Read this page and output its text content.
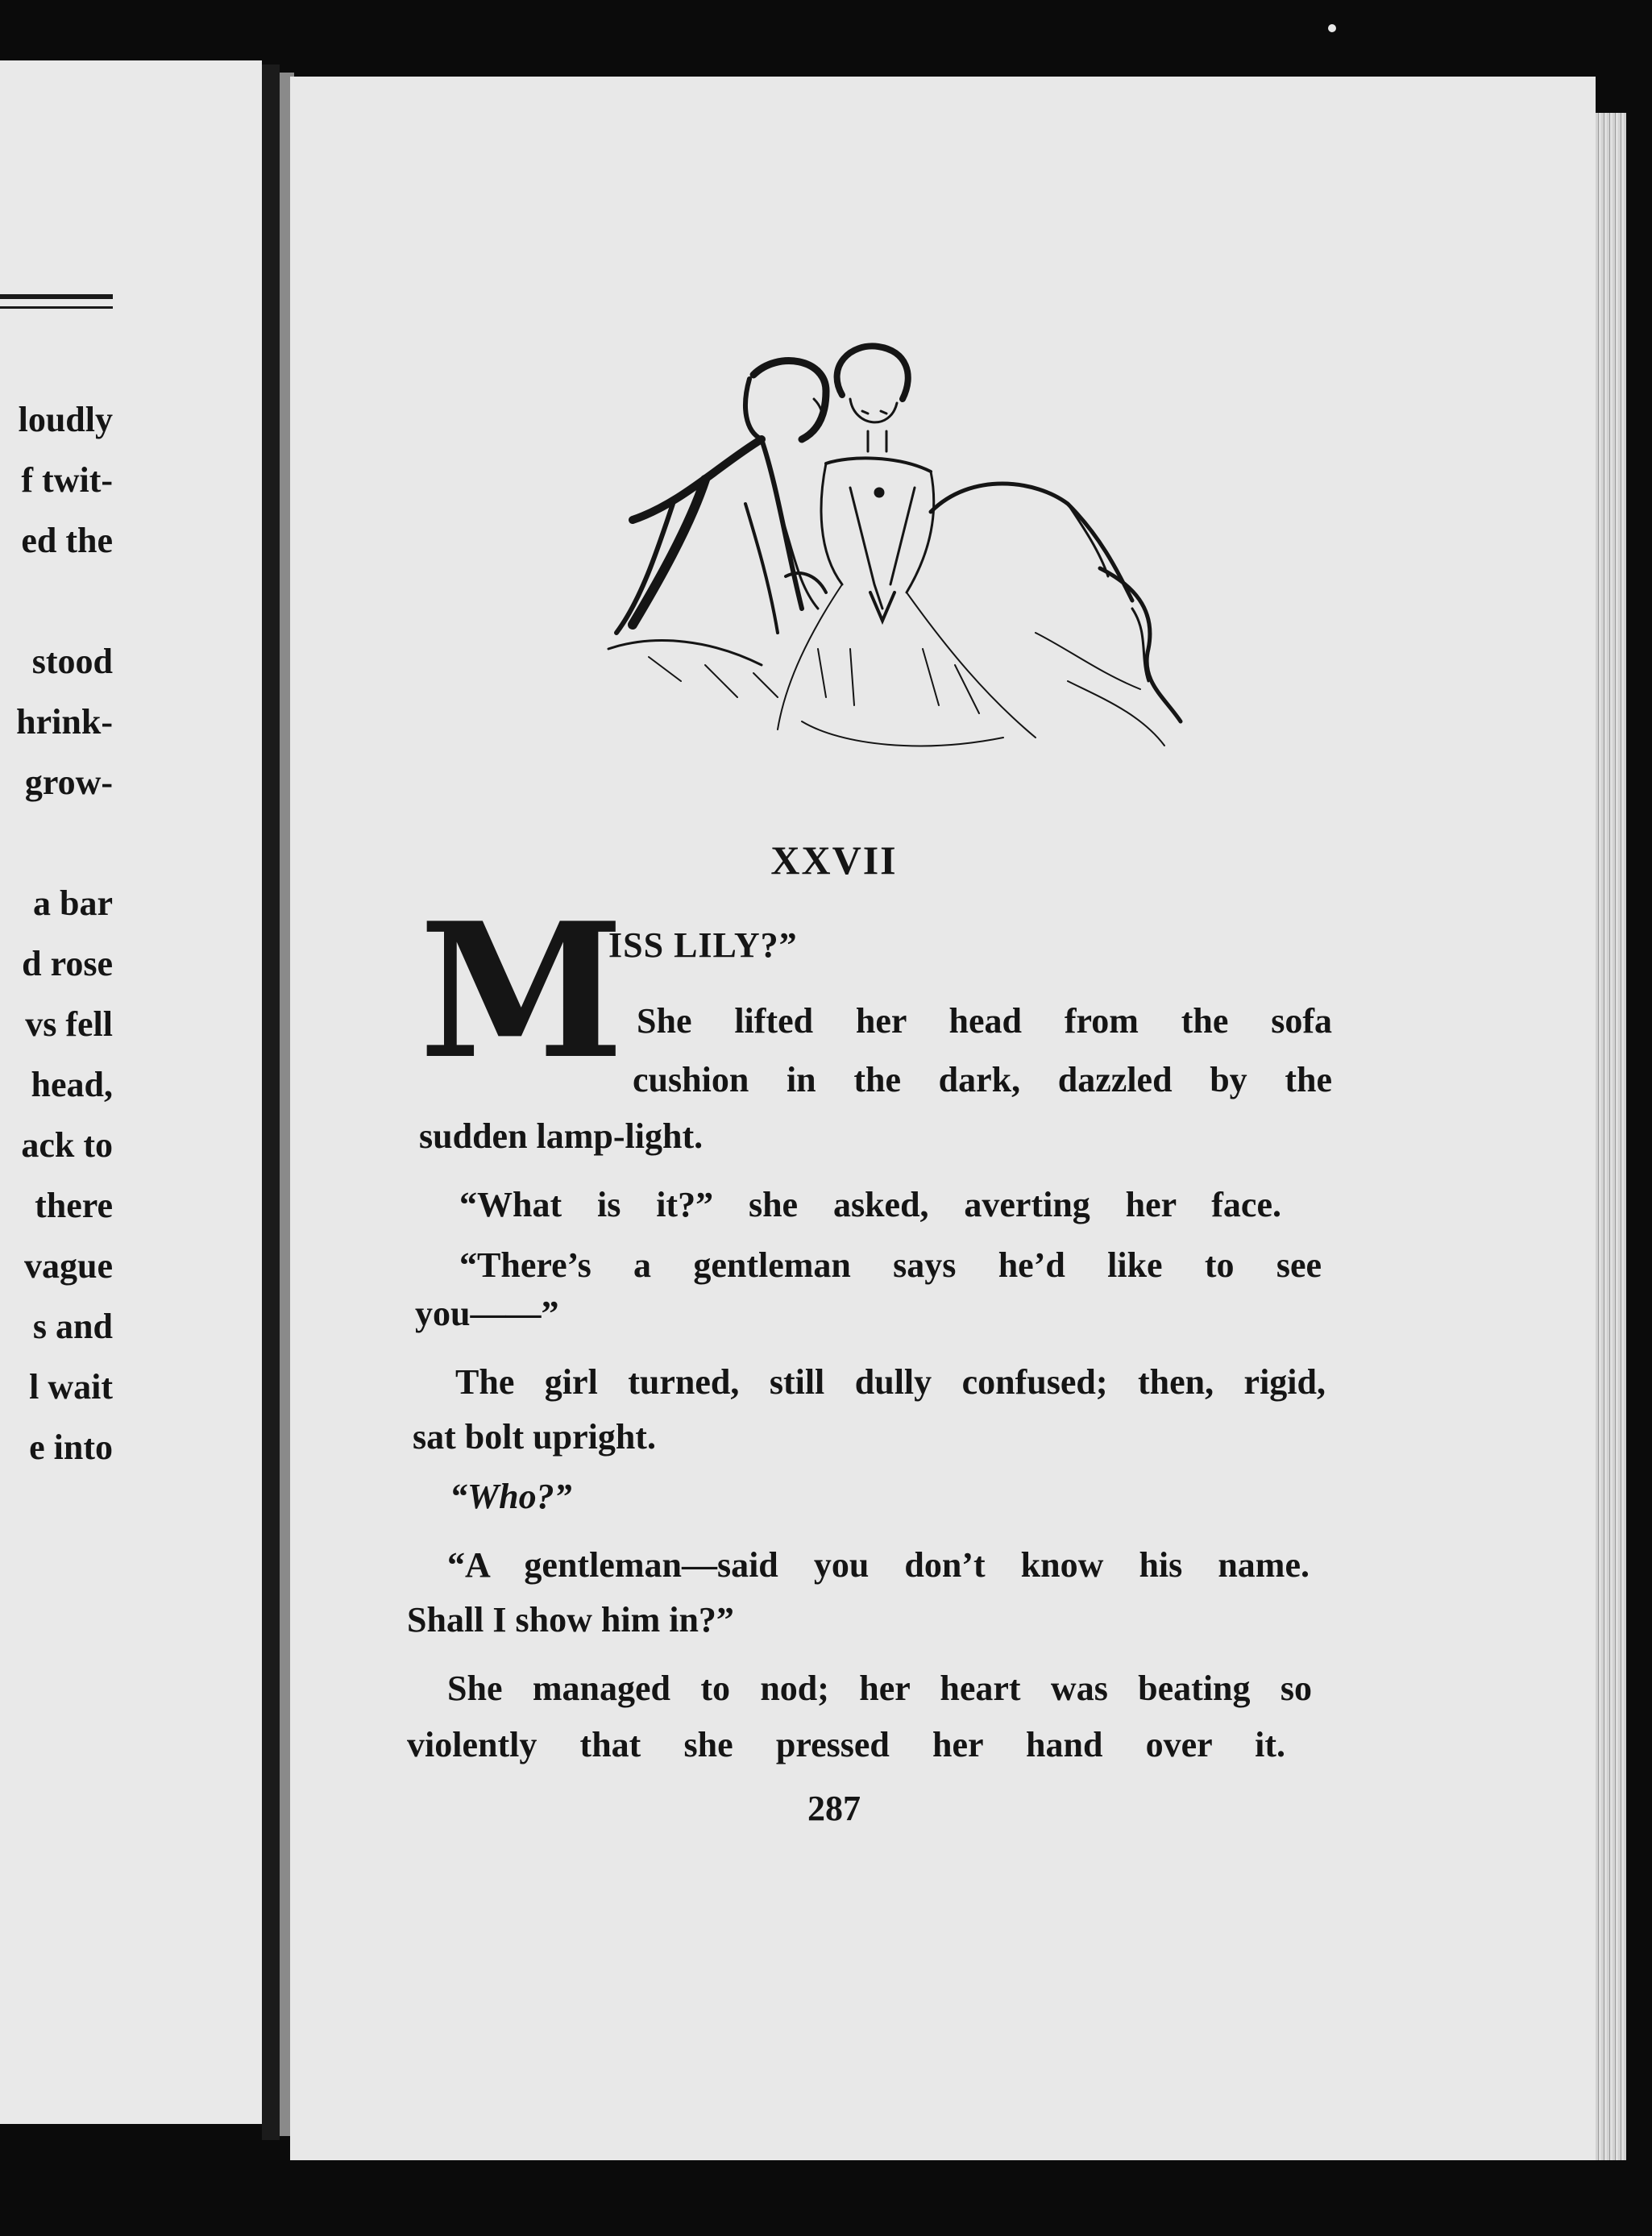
loudly
f twit-
ed the
stood
hrink-
grow-
a bar
d rose
vs fell
head,
ack to
there
vague
s and
l wait
e into
XXVII
M
ISS LILY?”
She lifted her head from the sofa
cushion in the dark, dazzled by the
sudden lamp-light.
“What is it?” she asked, averting her face.
“There’s a gentleman says he’d like to see
you——”
The girl turned, still dully confused; then, rigid,
sat bolt upright.
“Who?”
“A gentleman—said you don’t know his name.
Shall I show him in?”
She managed to nod; her heart was beating so
violently that she pressed her hand over it.
287
